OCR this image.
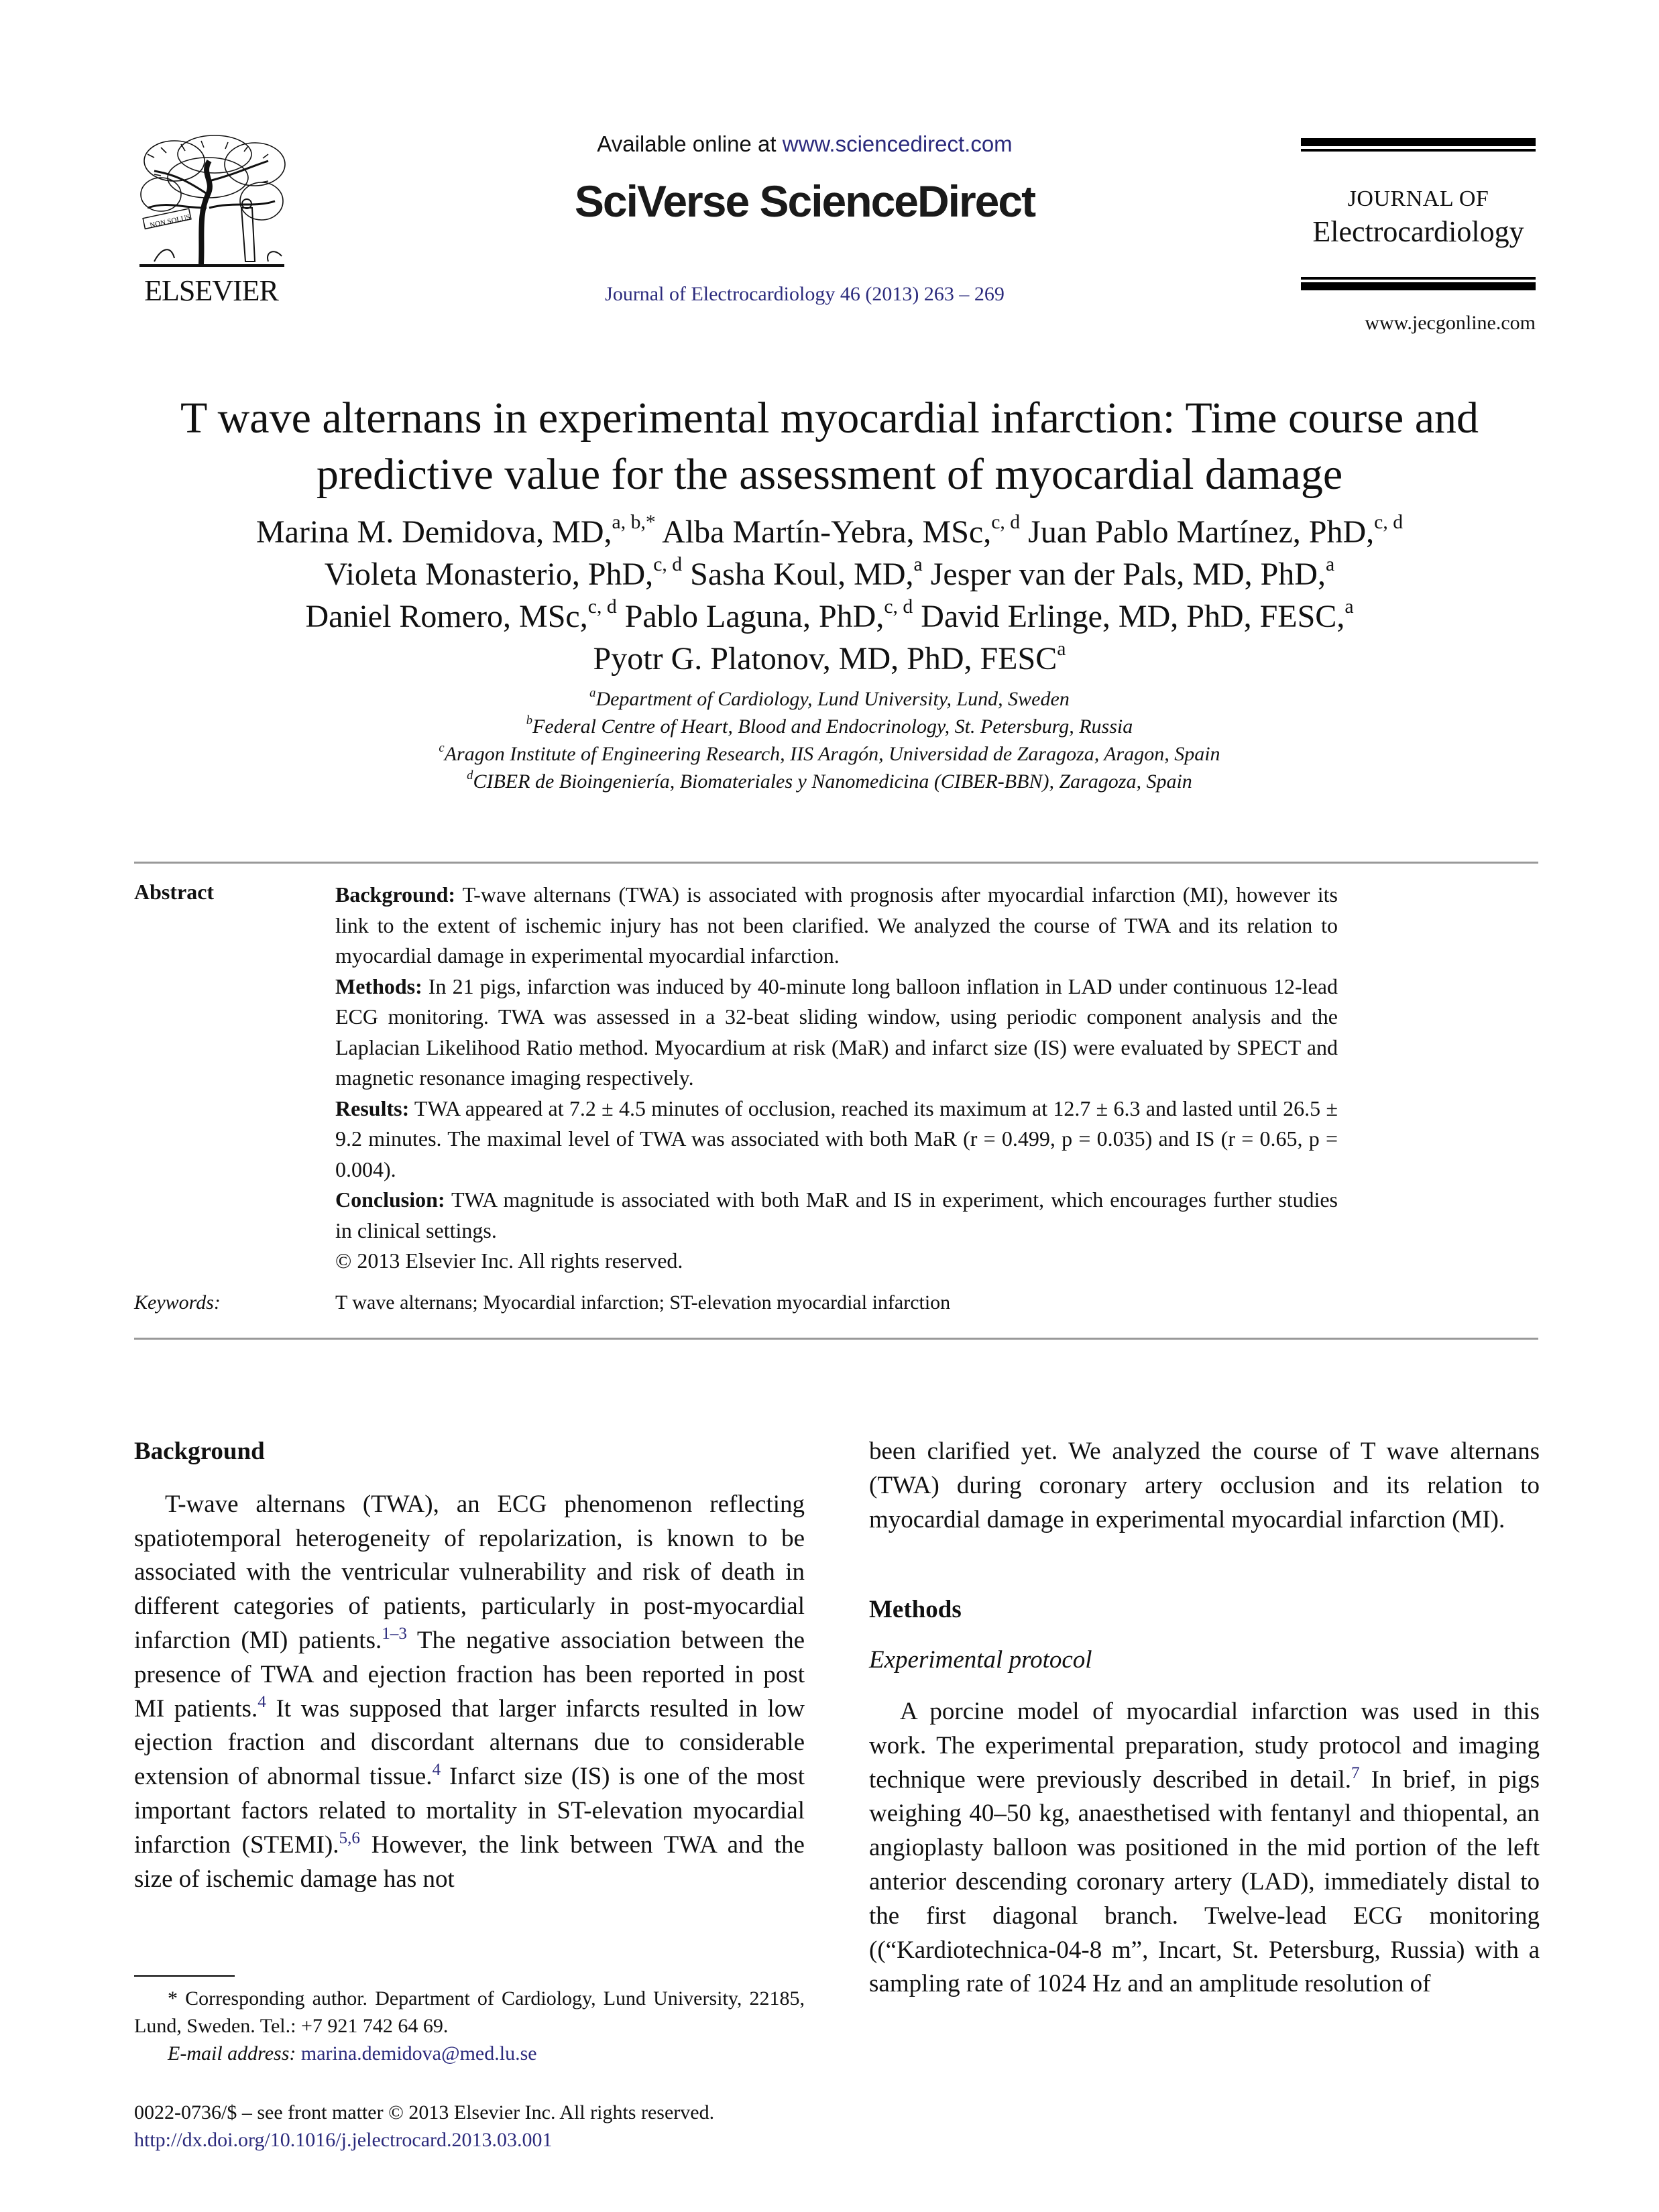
NON SOLUS
ELSEVIER
Available online at www.sciencedirect.com
SciVerse ScienceDirect
Journal of Electrocardiology 46 (2013) 263 – 269
JOURNAL OF
Electrocardiology
www.jecgonline.com
T wave alternans in experimental myocardial infarction: Time course and
predictive value for the assessment of myocardial damage
Marina M. Demidova, MD,$^{a, b,*}$ Alba Martín-Yebra, MSc,$^{c, d}$ Juan Pablo Martínez, PhD,$^{c, d}$
Violeta Monasterio, PhD,$^{c, d}$ Sasha Koul, MD,$^a$ Jesper van der Pals, MD, PhD,$^a$
Daniel Romero, MSc,$^{c, d}$ Pablo Laguna, PhD,$^{c, d}$ David Erlinge, MD, PhD, FESC,$^a$
Pyotr G. Platonov, MD, PhD, FESC$^a$
$^a$Department of Cardiology, Lund University, Lund, Sweden
$^b$Federal Centre of Heart, Blood and Endocrinology, St. Petersburg, Russia
$^c$Aragon Institute of Engineering Research, IIS Aragón, Universidad de Zaragoza, Aragon, Spain
$^d$CIBER de Bioingeniería, Biomateriales y Nanomedicina (CIBER-BBN), Zaragoza, Spain
Abstract	Background: T-wave alternans (TWA) is associated with prognosis after myocardial infarction (MI), however its link to the extent of ischemic injury has not been clarified. We analyzed the course of TWA and its relation to myocardial damage in experimental myocardial infarction.
Methods: In 21 pigs, infarction was induced by 40-minute long balloon inflation in LAD under continuous 12-lead ECG monitoring. TWA was assessed in a 32-beat sliding window, using periodic component analysis and the Laplacian Likelihood Ratio method. Myocardium at risk (MaR) and infarct size (IS) were evaluated by SPECT and magnetic resonance imaging respectively.
Results: TWA appeared at 7.2 ± 4.5 minutes of occlusion, reached its maximum at 12.7 ± 6.3 and lasted until 26.5 ± 9.2 minutes. The maximal level of TWA was associated with both MaR (r = 0.499, p = 0.035) and IS (r = 0.65, p = 0.004).
Conclusion: TWA magnitude is associated with both MaR and IS in experiment, which encourages further studies in clinical settings.
© 2013 Elsevier Inc. All rights reserved.
Keywords:	T wave alternans; Myocardial infarction; ST-elevation myocardial infarction
Background

T-wave alternans (TWA), an ECG phenomenon reflecting spatiotemporal heterogeneity of repolarization, is known to be associated with the ventricular vulnerability and risk of death in different categories of patients, particularly in post-myocardial infarction (MI) patients.$^{1-3}$ The negative association between the presence of TWA and ejection fraction has been reported in post MI patients.$^4$ It was supposed that larger infarcts resulted in low ejection fraction and discordant alternans due to considerable extension of abnormal tissue.$^4$ Infarct size (IS) is one of the most important factors related to mortality in ST-elevation myocardial infarction (STEMI).$^{5,6}$ However, the link between TWA and the size of ischemic damage has not

been clarified yet. We analyzed the course of T wave alternans (TWA) during coronary artery occlusion and its relation to myocardial damage in experimental myocardial infarction (MI).

Methods
Experimental protocol

A porcine model of myocardial infarction was used in this work. The experimental preparation, study protocol and imaging technique were previously described in detail.$^7$ In brief, in pigs weighing 40–50 kg, anaesthetised with fentanyl and thiopental, an angioplasty balloon was positioned in the mid portion of the left anterior descending coronary artery (LAD), immediately distal to the first diagonal branch. Twelve-lead ECG monitoring ((“Kardiotechnica-04-8 m”, Incart, St. Petersburg, Russia) with a sampling rate of 1024 Hz and an amplitude resolution of

* Corresponding author. Department of Cardiology, Lund University, 22185, Lund, Sweden. Tel.: +7 921 742 64 69.
E-mail address: marina.demidova@med.lu.se
0022-0736/$ – see front matter © 2013 Elsevier Inc. All rights reserved.
http://dx.doi.org/10.1016/j.jelectrocard.2013.03.001
